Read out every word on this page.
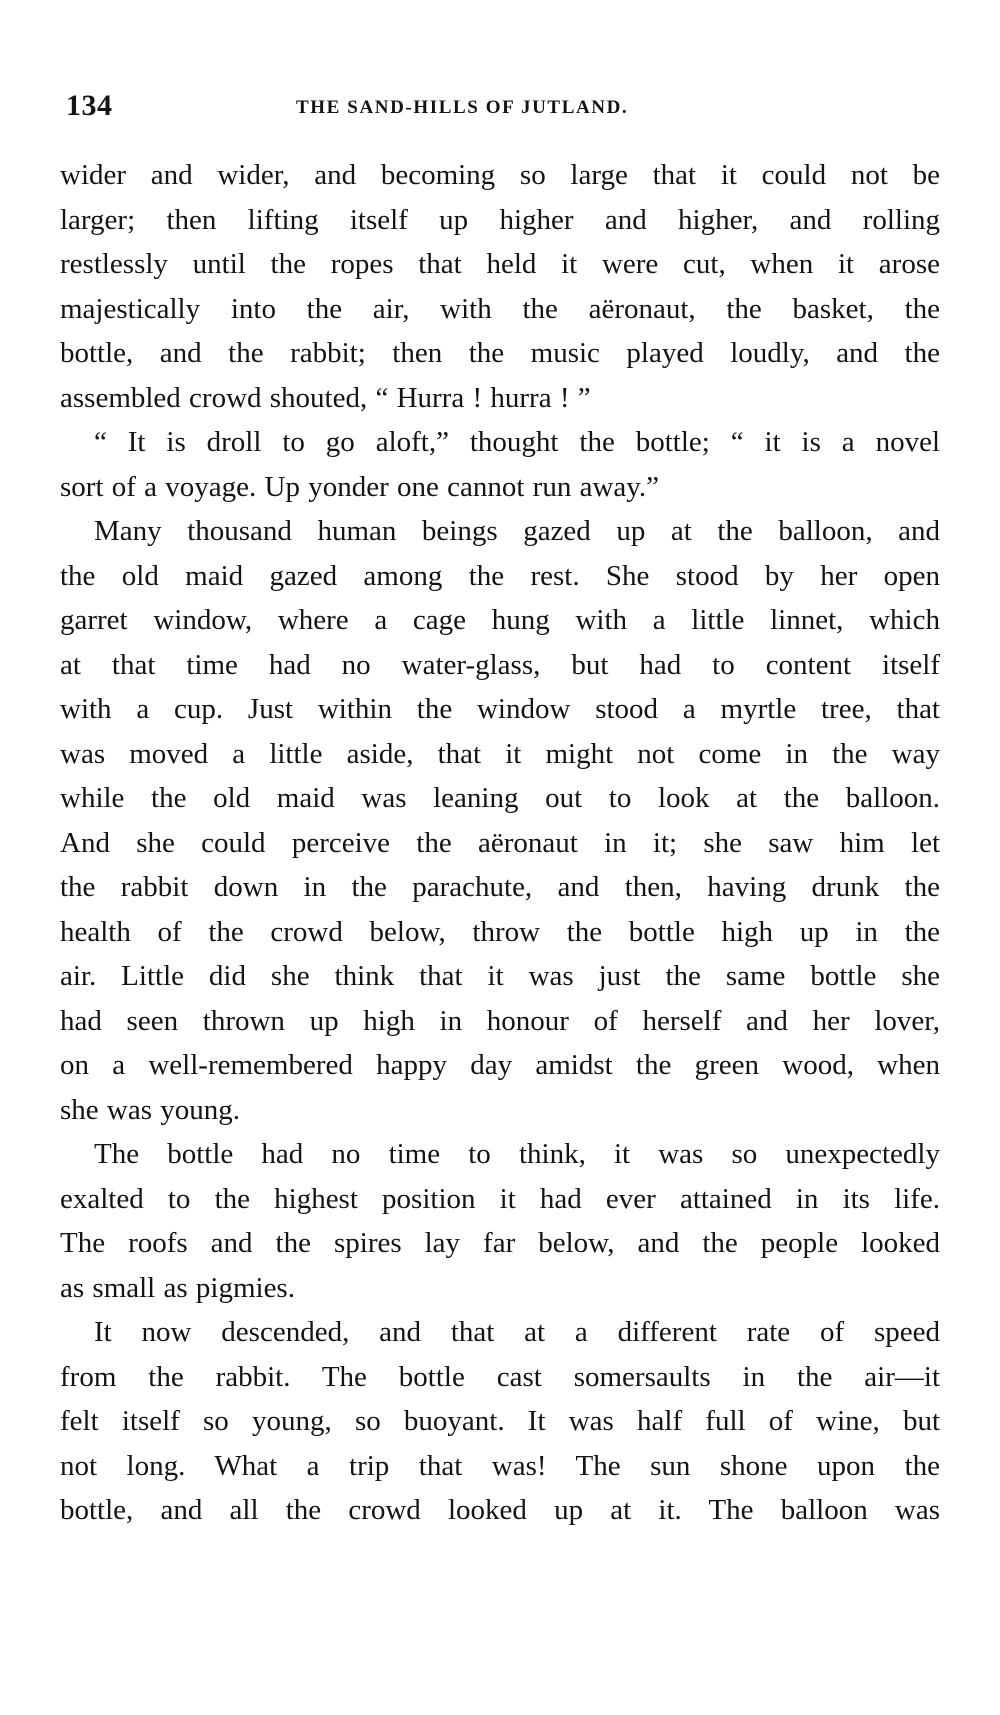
134	THE SAND-HILLS OF JUTLAND.
wider and wider, and becoming so large that it could not be
larger; then lifting itself up higher and higher, and rolling
restlessly until the ropes that held it were cut, when it arose
majestically into the air, with the aëronaut, the basket, the
bottle, and the rabbit; then the music played loudly, and the
assembled crowd shouted, “ Hurra ! hurra ! ”
“ It is droll to go aloft,” thought the bottle; “ it is a novel
sort of a voyage. Up yonder one cannot run away.”
Many thousand human beings gazed up at the balloon, and
the old maid gazed among the rest. She stood by her open
garret window, where a cage hung with a little linnet, which
at that time had no water-glass, but had to content itself
with a cup. Just within the window stood a myrtle tree, that
was moved a little aside, that it might not come in the way
while the old maid was leaning out to look at the balloon.
And she could perceive the aëronaut in it; she saw him let
the rabbit down in the parachute, and then, having drunk the
health of the crowd below, throw the bottle high up in the
air. Little did she think that it was just the same bottle she
had seen thrown up high in honour of herself and her lover,
on a well-remembered happy day amidst the green wood, when
she was young.
The bottle had no time to think, it was so unexpectedly
exalted to the highest position it had ever attained in its life.
The roofs and the spires lay far below, and the people looked
as small as pigmies.
It now descended, and that at a different rate of speed
from the rabbit. The bottle cast somersaults in the air—it
felt itself so young, so buoyant. It was half full of wine, but
not long. What a trip that was! The sun shone upon the
bottle, and all the crowd looked up at it. The balloon was
